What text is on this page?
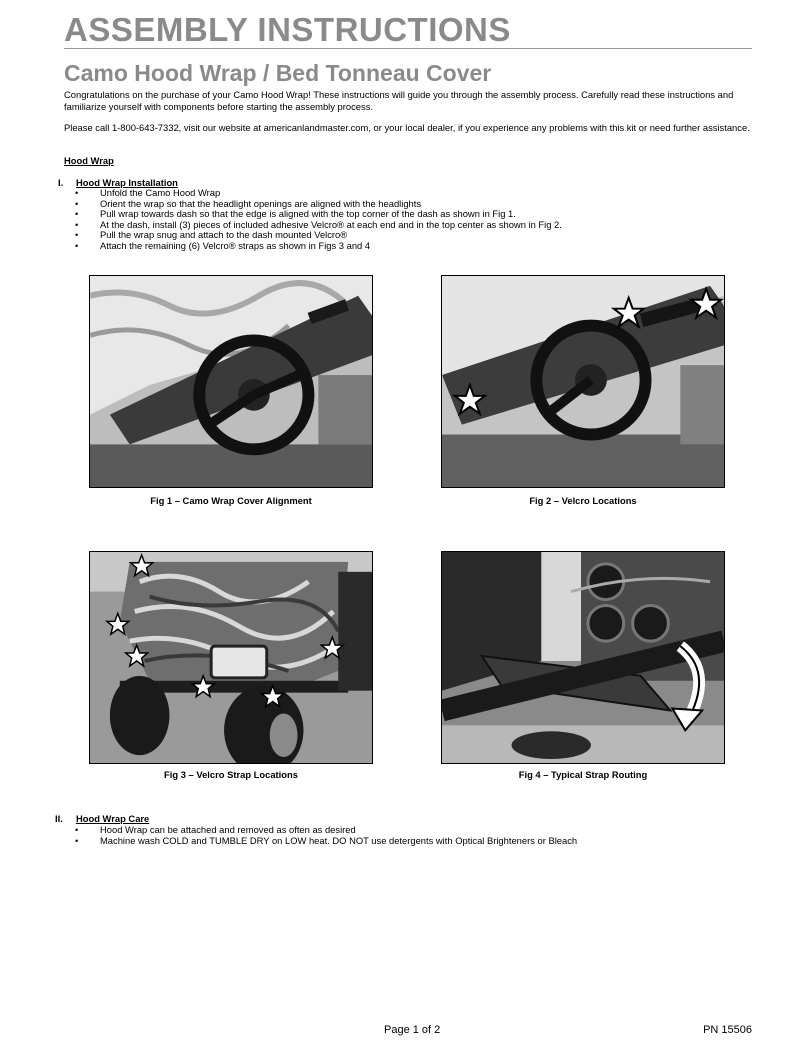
ASSEMBLY INSTRUCTIONS
Camo Hood Wrap / Bed Tonneau Cover

Congratulations on the purchase of your Camo Hood Wrap! These instructions will guide you through the assembly process. Carefully read these instructions and familiarize yourself with components before starting the assembly process.

Please call 1-800-643-7332, visit our website at americanlandmaster.com, or your local dealer, if you experience any problems with this kit or need further assistance.

Hood Wrap

I. Hood Wrap Installation

• Unfold the Camo Hood Wrap
• Orient the wrap so that the headlight openings are aligned with the headlights
• Pull wrap towards dash so that the edge is aligned with the top corner of the dash as shown in Fig 1.
• At the dash, install (3) pieces of included adhesive Velcro® at each end and in the top center as shown in Fig 2.
• Pull the wrap snug and attach to the dash mounted Velcro®
• Attach the remaining (6) Velcro® straps as shown in Figs 3 and 4
Fig 1 – Camo Wrap Cover Alignment	Fig 2 – Velcro Locations
Fig 3 – Velcro Strap Locations	Fig 4 – Typical Strap Routing
II. Hood Wrap Care

• Hood Wrap can be attached and removed as often as desired
• Machine wash COLD and TUMBLE DRY on LOW heat. DO NOT use detergents with Optical Brighteners or Bleach
Page 1 of 2	PN 15506
